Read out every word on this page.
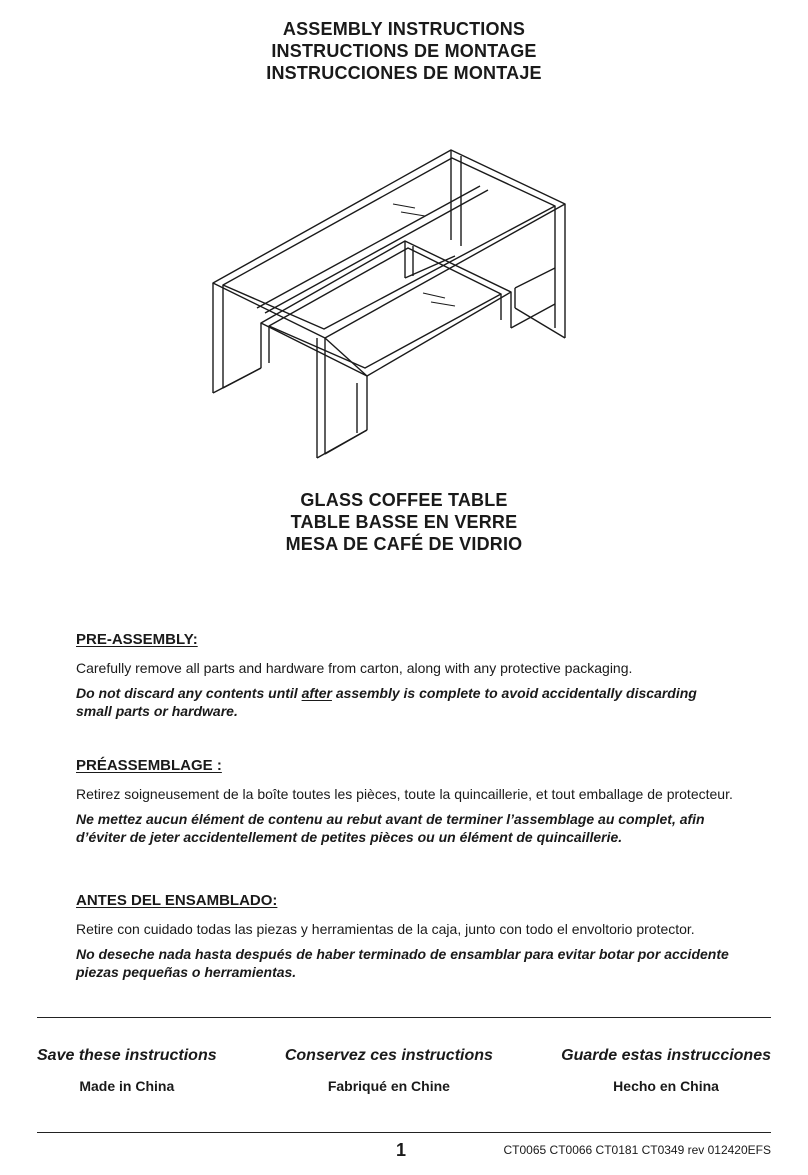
ASSEMBLY INSTRUCTIONS
INSTRUCTIONS DE MONTAGE
INSTRUCCIONES DE MONTAJE
GLASS COFFEE TABLE
TABLE BASSE EN VERRE
MESA DE CAFÉ DE VIDRIO

PRE-ASSEMBLY:

Carefully remove all parts and hardware from carton, along with any protective packaging.

Do not discard any contents until after assembly is complete to avoid accidentally discarding small parts or hardware.

PRÉASSEMBLAGE :

Retirez soigneusement de la boîte toutes les pièces, toute la quincaillerie, et tout emballage de protecteur.

Ne mettez aucun élément de contenu au rebut avant de terminer l’assemblage au complet, afin d’éviter de jeter accidentellement de petites pièces ou un élément de quincaillerie.

ANTES DEL ENSAMBLADO:

Retire con cuidado todas las piezas y herramientas de la caja, junto con todo el envoltorio protector.

No deseche nada hasta después de haber terminado de ensamblar para evitar botar por accidente piezas pequeñas o herramientas.

Save these instructions
Made in China
Conservez ces instructions
Fabriqué en Chine
Guarde estas instrucciones
Hecho en China
1	CT0065 CT0066 CT0181 CT0349 rev 012420EFS
